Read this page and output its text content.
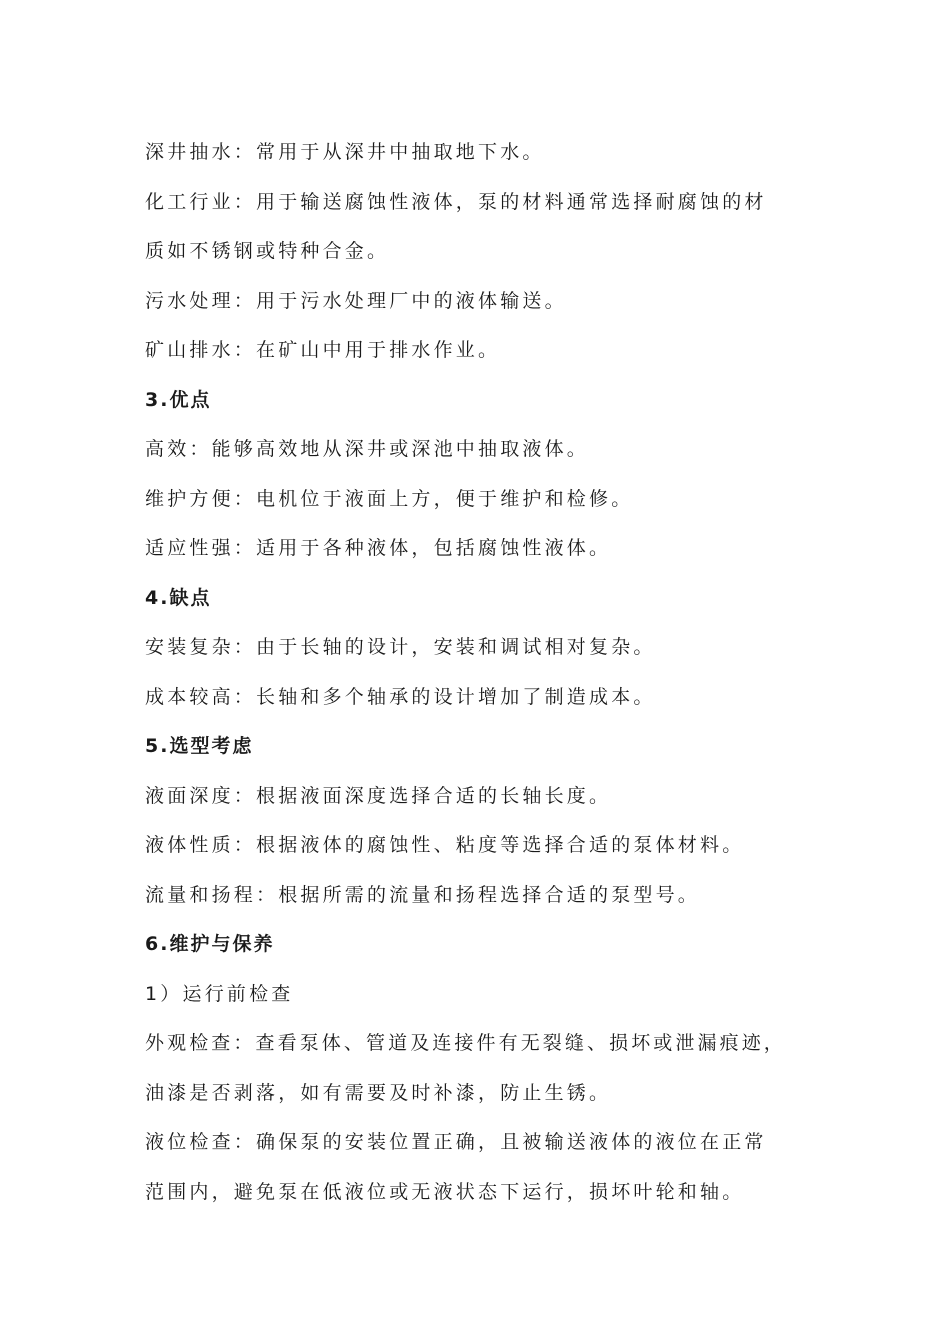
深井抽水：常用于从深井中抽取地下水。
化工行业：用于输送腐蚀性液体，泵的材料通常选择耐腐蚀的材
质如不锈钢或特种合金。
污水处理：用于污水处理厂中的液体输送。
矿山排水：在矿山中用于排水作业。
3.优点
高效：能够高效地从深井或深池中抽取液体。
维护方便：电机位于液面上方，便于维护和检修。
适应性强：适用于各种液体，包括腐蚀性液体。
4.缺点
安装复杂：由于长轴的设计，安装和调试相对复杂。
成本较高：长轴和多个轴承的设计增加了制造成本。
5.选型考虑
液面深度：根据液面深度选择合适的长轴长度。
液体性质：根据液体的腐蚀性、粘度等选择合适的泵体材料。
流量和扬程：根据所需的流量和扬程选择合适的泵型号。
6.维护与保养
1）运行前检查
外观检查：查看泵体、管道及连接件有无裂缝、损坏或泄漏痕迹，
油漆是否剥落，如有需要及时补漆，防止生锈。
液位检查：确保泵的安装位置正确，且被输送液体的液位在正常
范围内，避免泵在低液位或无液状态下运行，损坏叶轮和轴。
